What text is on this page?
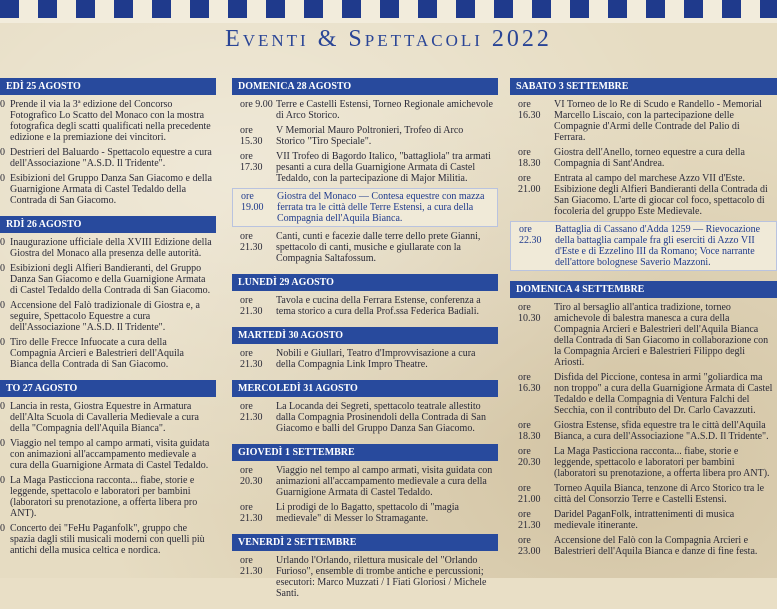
Eventi & Spettacoli 2022
EDÌ 25 AGOSTO
0 Prende il via la 3ª edizione del Concorso Fotografico Lo Scatto del Monaco con la mostra fotografica degli scatti qualificati nella precedente edizione e la premiazione dei vincitori.
0 Destrieri del Baluardo - Spettacolo equestre a cura dell'Associazione "A.S.D. Il Tridente".
0 Esibizioni del Gruppo Danza San Giacomo e della Guarnigione Armata di Castel Tedaldo della Contrada di San Giacomo.
RDÌ 26 AGOSTO
0 Inaugurazione ufficiale della XVIII Edizione della Giostra del Monaco alla presenza delle autorità.
0 Esibizioni degli Alfieri Bandieranti, del Gruppo Danza San Giacomo e della Guarnigione Armata di Castel Tedaldo della Contrada di San Giacomo.
0 Accensione del Falò tradizionale di Giostra e, a seguire, Spettacolo Equestre a cura dell'Associazione "A.S.D. Il Tridente".
0 Tiro delle Frecce Infuocate a cura della Compagnia Arcieri e Balestrieri dell'Aquila Bianca della Contrada di San Giacomo.
TO 27 AGOSTO
0 Lancia in resta, Giostra Equestre in Armatura dell'Alta Scuola di Cavalleria Medievale a cura della "Compagnia dell'Aquila Bianca".
0 Viaggio nel tempo al campo armati, visita guidata con animazioni all'accampamento medievale a cura della Guarnigione Armata di Castel Tedaldo.
0 La Maga Pasticciona racconta... fiabe, storie e leggende, spettacolo e laboratori per bambini (laboratori su prenotazione, a offerta libera pro ANT).
0 Concerto dei "FeHu Paganfolk", gruppo che spazia dagli stili musicali moderni con quelli più antichi della musica celtica e nordica.
DOMENICA 28 AGOSTO
ore 9.00 Terre e Castelli Estensi, Torneo Regionale amichevole di Arco Storico.
ore 15.30
V Memorial Mauro Poltronieri, Trofeo di Arco Storico "Tiro Speciale".
ore 17.30
VII Trofeo di Bagordo Italico, "battagliola" tra armati pesanti a cura della Guarnigione Armata di Castel Tedaldo, con la partecipazione di Major Militia.
ore 19.00
Giostra del Monaco — Contesa equestre con mazza ferrata tra le città delle Terre Estensi, a cura della Compagnia dell'Aquila Bianca.
ore 21.30
Canti, cunti e facezie dalle terre dello prete Gianni, spettacolo di canti, musiche e giullarate con la Compagnia Saltafossum.
LUNEDÌ 29 AGOSTO
ore 21.30
Tavola e cucina della Ferrara Estense, conferenza a tema storico a cura della Prof.ssa Federica Badiali.
MARTEDÌ 30 AGOSTO
ore 21.30
Nobili e Giullari, Teatro d'Improvvisazione a cura della Compagnia Link Impro Theatre.
MERCOLEDÌ 31 AGOSTO
ore 21.30
La Locanda dei Segreti, spettacolo teatrale allestito dalla Compagnia Prosinendoli della Contrada di San Giacomo e balli del Gruppo Danza San Giacomo.
GIOVEDÌ 1 SETTEMBRE
ore 20.30
Viaggio nel tempo al campo armati, visita guidata con animazioni all'accampamento medievale a cura della Guarnigione Armata di Castel Tedaldo.
ore 21.30
Li prodigi de lo Bagatto, spettacolo di "magia medievale" di Messer lo Stramagante.
VENERDÌ 2 SETTEMBRE
ore 21.30
Urlando l'Orlando, rilettura musicale del "Orlando Furioso", ensemble di trombe antiche e percussioni; esecutori: Marco Muzzati / I Fiati Gloriosi / Michele Santi.
SABATO 3 SETTEMBRE
ore 16.30
VI Torneo de lo Re di Scudo e Randello - Memorial Marcello Liscaio, con la partecipazione delle Compagnie d'Armi delle Contrade del Palio di Ferrara.
ore 18.30
Giostra dell'Anello, torneo equestre a cura della Compagnia di Sant'Andrea.
ore 21.00
Entrata al campo del marchese Azzo VII d'Este. Esibizione degli Alfieri Bandieranti della Contrada di San Giacomo. L'arte di giocar col foco, spettacolo di focoleria del gruppo Este Medievale.
ore 22.30
Battaglia di Cassano d'Adda 1259 — Rievocazione della battaglia campale fra gli eserciti di Azzo VII d'Este e di Ezzelino III da Romano; Voce narrante dell'attore bolognese Saverio Mazzoni.
DOMENICA 4 SETTEMBRE
ore 10.30
Tiro al bersaglio all'antica tradizione, torneo amichevole di balestra manesca a cura della Compagnia Arcieri e Balestrieri dell'Aquila Bianca della Contrada di San Giacomo in collaborazione con la Compagnia Arcieri e Balestrieri Filippo degli Ariosti.
ore 16.30
Disfida del Piccione, contesa in armi "goliardica ma non troppo" a cura della Guarnigione Armata di Castel Tedaldo e della Compagnia di Ventura Falchi del Secchia, con il contributo del Dr. Carlo Cavazzuti.
ore 18.30
Giostra Estense, sfida equestre tra le città dell'Aquila Bianca, a cura dell'Associazione "A.S.D. Il Tridente".
ore 20.30
La Maga Pasticciona racconta... fiabe, storie e leggende, spettacolo e laboratori per bambini (laboratori su prenotazione, a offerta libera pro ANT).
ore 21.00
Torneo Aquila Bianca, tenzone di Arco Storico tra le città del Consorzio Terre e Castelli Estensi.
ore 21.30
Daridel PaganFolk, intrattenimenti di musica medievale itinerante.
ore 23.00
Accensione del Falò con la Compagnia Arcieri e Balestrieri dell'Aquila Bianca e danze di fine festa.
